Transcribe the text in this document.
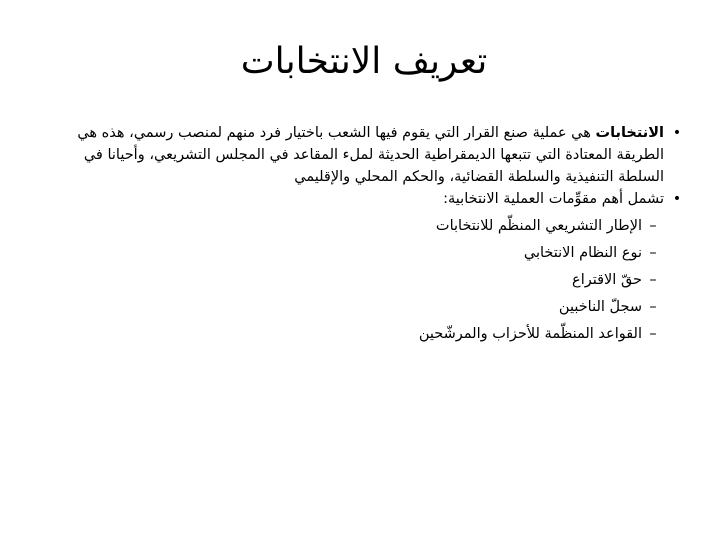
تعريف الانتخابات
•
الانتخابات هي عملية صنع القرار التي يقوم فيها الشعب باختيار فرد منهم لمنصب رسمي، هذه هي الطريقة المعتادة التي تتبعها الديمقراطية الحديثة لملء المقاعد في المجلس التشريعي، وأحيانا في السلطة التنفيذية والسلطة القضائية، والحكم المحلي والإقليمي
•
تشمل أهم مقوِّمات العملية الانتخابية:
–
الإطار التشريعي المنظّم للانتخابات
–
نوع النظام الانتخابي
–
حقّ الاقتراع
–
سجلّ الناخبين
–
القواعد المنظّمة للأحزاب والمرشّحين
